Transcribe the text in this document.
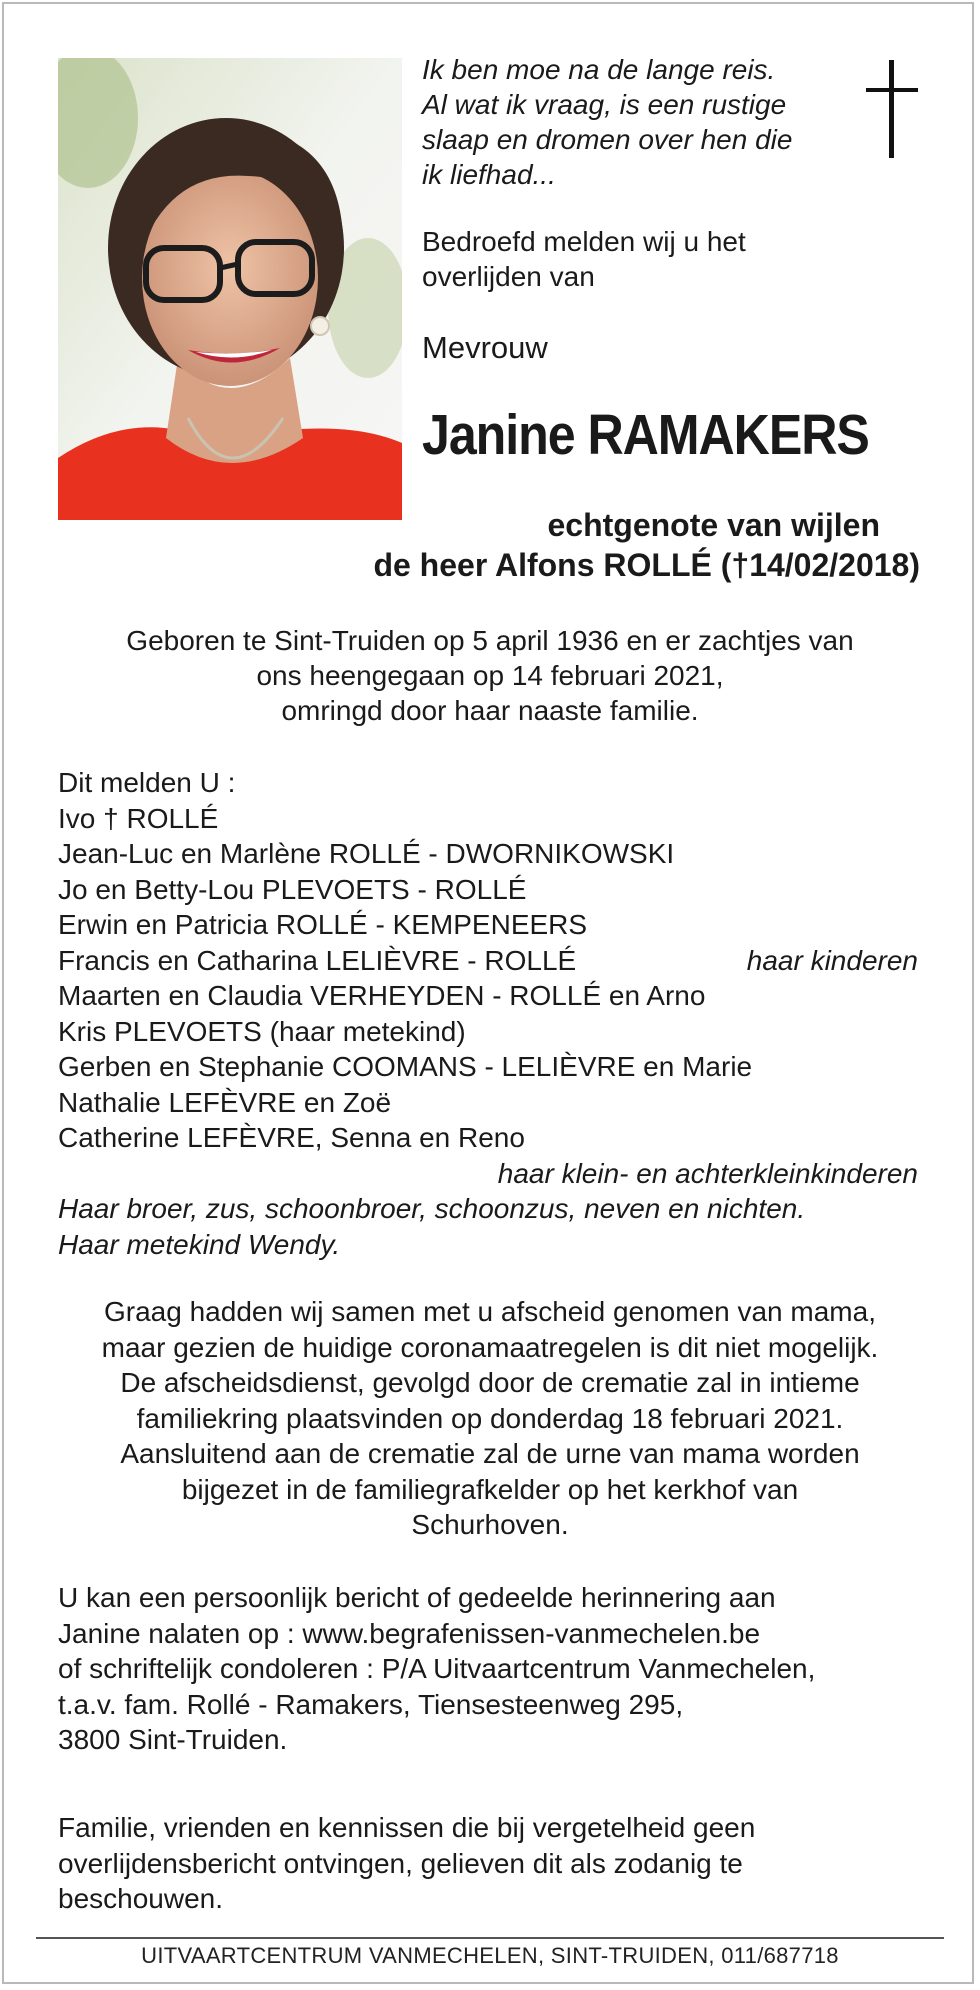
Ik ben moe na de lange reis.
Al wat ik vraag, is een rustige
slaap en dromen over hen die
ik liefhad...

Bedroefd melden wij u het
overlijden van

Mevrouw

Janine RAMAKERS

echtgenote van wijlen
de heer Alfons ROLLÉ (†14/02/2018)

Geboren te Sint-Truiden op 5 april 1936 en er zachtjes van
ons heengegaan op 14 februari 2021,
omringd door haar naaste familie.

Dit melden U :
Ivo † ROLLÉ
Jean-Luc en Marlène ROLLÉ - DWORNIKOWSKI
Jo en Betty-Lou PLEVOETS - ROLLÉ
Erwin en Patricia ROLLÉ - KEMPENEERS
Francis en Catharina LELIÈVRE - ROLLÉ	haar kinderen
Maarten en Claudia VERHEYDEN - ROLLÉ en Arno
Kris PLEVOETS (haar metekind)
Gerben en Stephanie COOMANS - LELIÈVRE en Marie
Nathalie LEFÈVRE en Zoë
Catherine LEFÈVRE, Senna en Reno
haar klein- en achterkleinkinderen
Haar broer, zus, schoonbroer, schoonzus, neven en nichten.
Haar metekind Wendy.

Graag hadden wij samen met u afscheid genomen van mama,
maar gezien de huidige coronamaatregelen is dit niet mogelijk.
De afscheidsdienst, gevolgd door de crematie zal in intieme
familiekring plaatsvinden op donderdag 18 februari 2021.
Aansluitend aan de crematie zal de urne van mama worden
bijgezet in de familiegrafkelder op het kerkhof van
Schurhoven.

U kan een persoonlijk bericht of gedeelde herinnering aan
Janine nalaten op : www.begrafenissen-vanmechelen.be
of schriftelijk condoleren : P/A Uitvaartcentrum Vanmechelen,
t.a.v. fam. Rollé - Ramakers, Tiensesteenweg 295,
3800 Sint-Truiden.

Familie, vrienden en kennissen die bij vergetelheid geen
overlijdensbericht ontvingen, gelieven dit als zodanig te
beschouwen.

UITVAARTCENTRUM VANMECHELEN, SINT-TRUIDEN, 011/687718
